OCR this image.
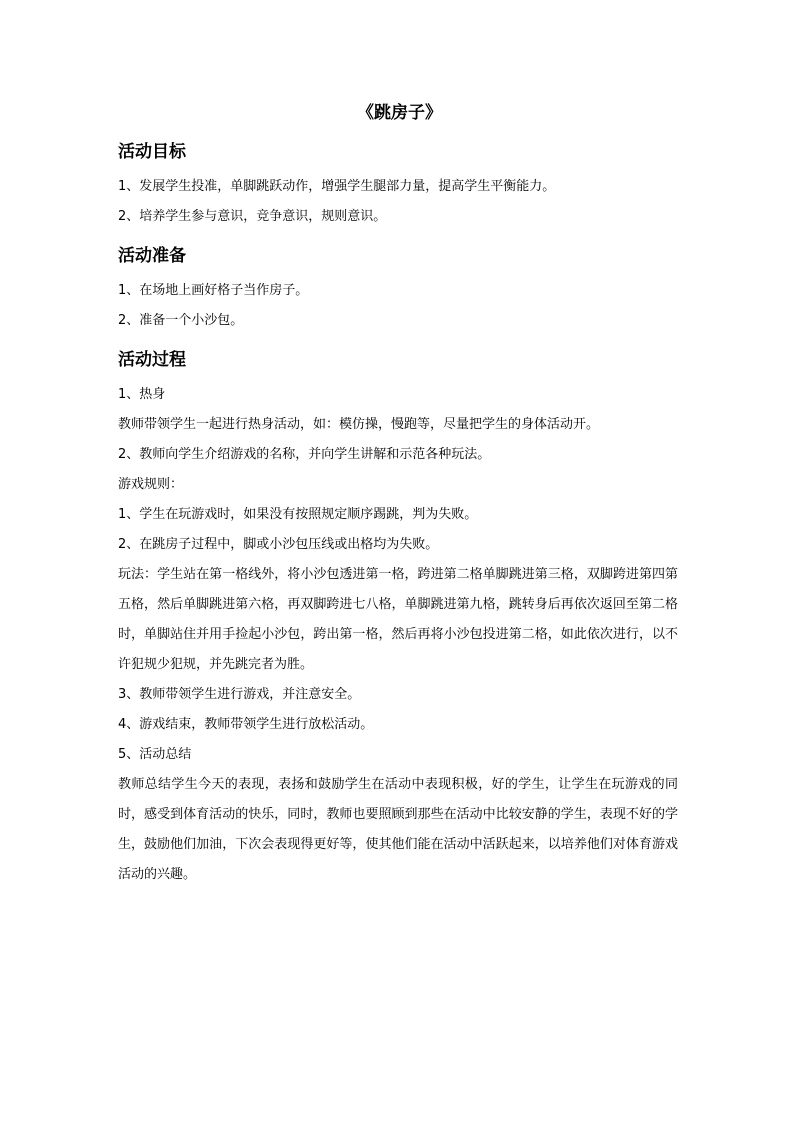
《跳房子》
活动目标

1、发展学生投准，单脚跳跃动作，增强学生腿部力量，提高学生平衡能力。

2、培养学生参与意识，竞争意识，规则意识。

活动准备

1、在场地上画好格子当作房子。

2、准备一个小沙包。

活动过程

1、热身

教师带领学生一起进行热身活动，如：模仿操，慢跑等，尽量把学生的身体活动开。

2、教师向学生介绍游戏的名称，并向学生讲解和示范各种玩法。

游戏规则：

1、学生在玩游戏时，如果没有按照规定顺序踢跳，判为失败。

2、在跳房子过程中，脚或小沙包压线或出格均为失败。

玩法：学生站在第一格线外，将小沙包透进第一格，跨进第二格单脚跳进第三格，双脚跨进第四第五格，然后单脚跳进第六格，再双脚跨进七八格，单脚跳进第九格，跳转身后再依次返回至第二格时，单脚站住并用手捡起小沙包，跨出第一格，然后再将小沙包投进第二格，如此依次进行，以不许犯规少犯规，并先跳完者为胜。

3、教师带领学生进行游戏，并注意安全。

4、游戏结束，教师带领学生进行放松活动。

5、活动总结

教师总结学生今天的表现，表扬和鼓励学生在活动中表现积极，好的学生，让学生在玩游戏的同时，感受到体育活动的快乐，同时，教师也要照顾到那些在活动中比较安静的学生，表现不好的学生，鼓励他们加油，下次会表现得更好等，使其他们能在活动中活跃起来，以培养他们对体育游戏活动的兴趣。
